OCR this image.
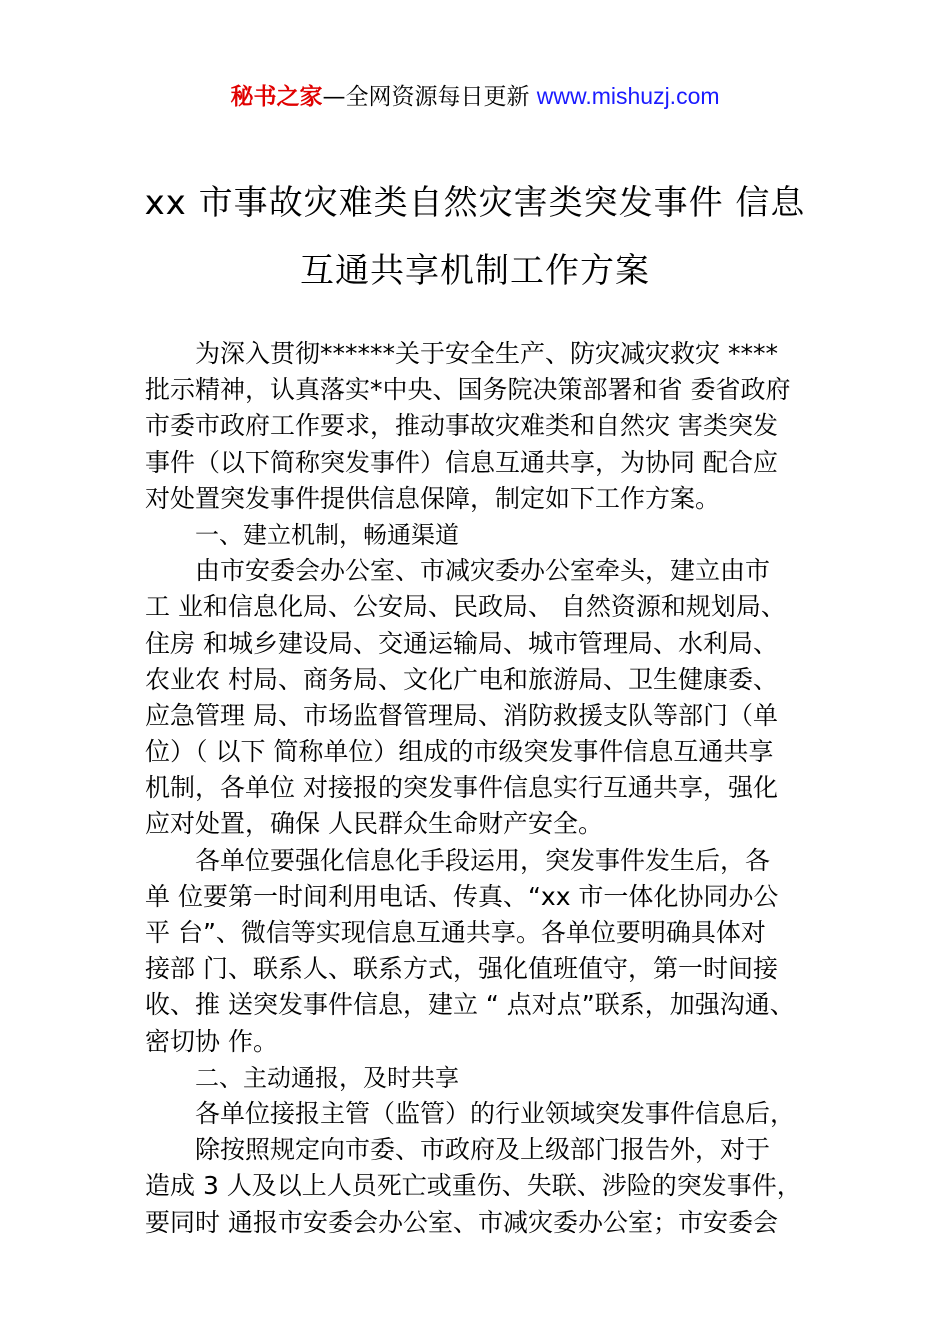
秘书之家—全网资源每日更新 www.mishuzj.com
xx 市事故灾难类自然灾害类突发事件 信息
互通共享机制工作方案
为深入贯彻******关于安全生产、防灾减灾救灾 ****
批示精神，认真落实*中央、国务院决策部署和省 委省政府
市委市政府工作要求，推动事故灾难类和自然灾 害类突发
事件（以下简称突发事件）信息互通共享，为协同 配合应
对处置突发事件提供信息保障，制定如下工作方案。
一、建立机制，畅通渠道
由市安委会办公室、市减灾委办公室牵头，建立由市
工 业和信息化局、公安局、民政局、 自然资源和规划局、
住房 和城乡建设局、交通运输局、城市管理局、水利局、
农业农 村局、商务局、文化广电和旅游局、卫生健康委、
应急管理 局、市场监督管理局、消防救援支队等部门（单
位）（ 以下 简称单位）组成的市级突发事件信息互通共享
机制，各单位 对接报的突发事件信息实行互通共享，强化
应对处置，确保 人民群众生命财产安全。
各单位要强化信息化手段运用，突发事件发生后，各
单 位要第一时间利用电话、传真、“xx 市一体化协同办公
平 台”、微信等实现信息互通共享。各单位要明确具体对
接部 门、联系人、联系方式，强化值班值守，第一时间接
收、推 送突发事件信息，建立 “ 点对点”联系，加强沟通、
密切协 作。
二、主动通报，及时共享
各单位接报主管（监管）的行业领域突发事件信息后，
除按照规定向市委、市政府及上级部门报告外，对于
造成 3 人及以上人员死亡或重伤、失联、涉险的突发事件，
要同时 通报市安委会办公室、市减灾委办公室；市安委会
